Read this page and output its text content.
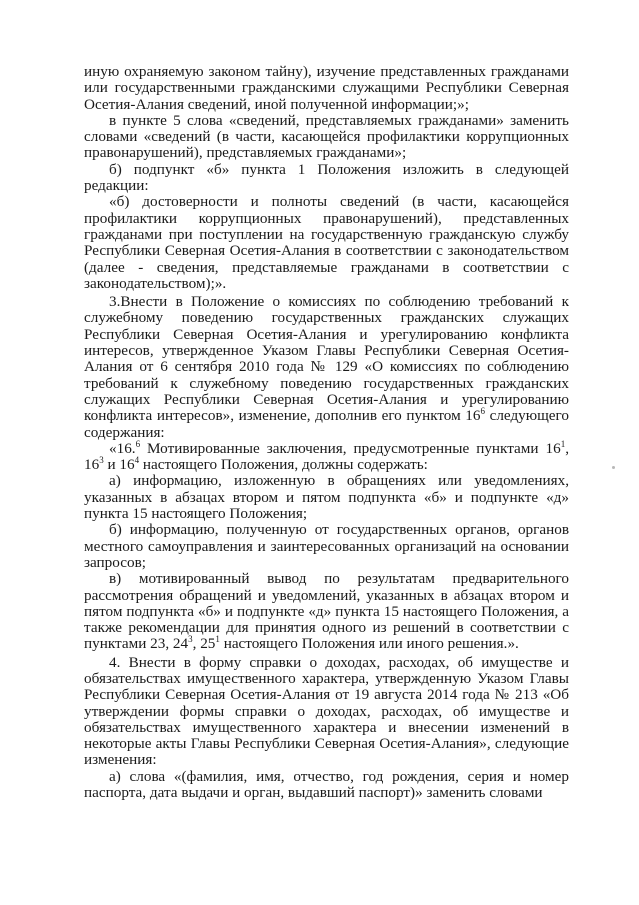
иную охраняемую законом тайну), изучение представленных гражданами или государственными гражданскими служащими Республики Северная Осетия-Алания сведений, иной полученной информации;»;

в пункте 5 слова «сведений, представляемых гражданами» заменить словами «сведений (в части, касающейся профилактики коррупционных правонарушений), представляемых гражданами»;

б) подпункт «б» пункта 1 Положения изложить в следующей редакции:

«б) достоверности и полноты сведений (в части, касающейся профилактики коррупционных правонарушений), представленных гражданами при поступлении на государственную гражданскую службу Республики Северная Осетия-Алания в соответствии с законодательством (далее - сведения, представляемые гражданами в соответствии с законодательством);».

3.Внести в Положение о комиссиях по соблюдению требований к служебному поведению государственных гражданских служащих Республики Северная Осетия-Алания и урегулированию конфликта интересов, утвержденное Указом Главы Республики Северная Осетия-Алания от 6 сентября 2010 года № 129 «О комиссиях по соблюдению требований к служебному поведению государственных гражданских служащих Республики Северная Осетия-Алания и урегулированию конфликта интересов», изменение, дополнив его пунктом $16^6$ следующего содержания:

«16.$^6$ Мотивированные заключения, предусмотренные пунктами $16^1$, $16^3$ и $16^4$ настоящего Положения, должны содержать:

а) информацию, изложенную в обращениях или уведомлениях, указанных в абзацах втором и пятом подпункта «б» и подпункте «д» пункта 15 настоящего Положения;

б) информацию, полученную от государственных органов, органов местного самоуправления и заинтересованных организаций на основании запросов;

в) мотивированный вывод по результатам предварительного рассмотрения обращений и уведомлений, указанных в абзацах втором и пятом подпункта «б» и подпункте «д» пункта 15 настоящего Положения, а также рекомендации для принятия одного из решений в соответствии с пунктами 23, $24^3$, $25^1$ настоящего Положения или иного решения.».

4. Внести в форму справки о доходах, расходах, об имуществе и обязательствах имущественного характера, утвержденную Указом Главы Республики Северная Осетия-Алания от 19 августа 2014 года № 213 «Об утверждении формы справки о доходах, расходах, об имуществе и обязательствах имущественного характера и внесении изменений в некоторые акты Главы Республики Северная Осетия-Алания», следующие изменения:

а) слова «(фамилия, имя, отчество, год рождения, серия и номер паспорта, дата выдачи и орган, выдавший паспорт)» заменить словами
